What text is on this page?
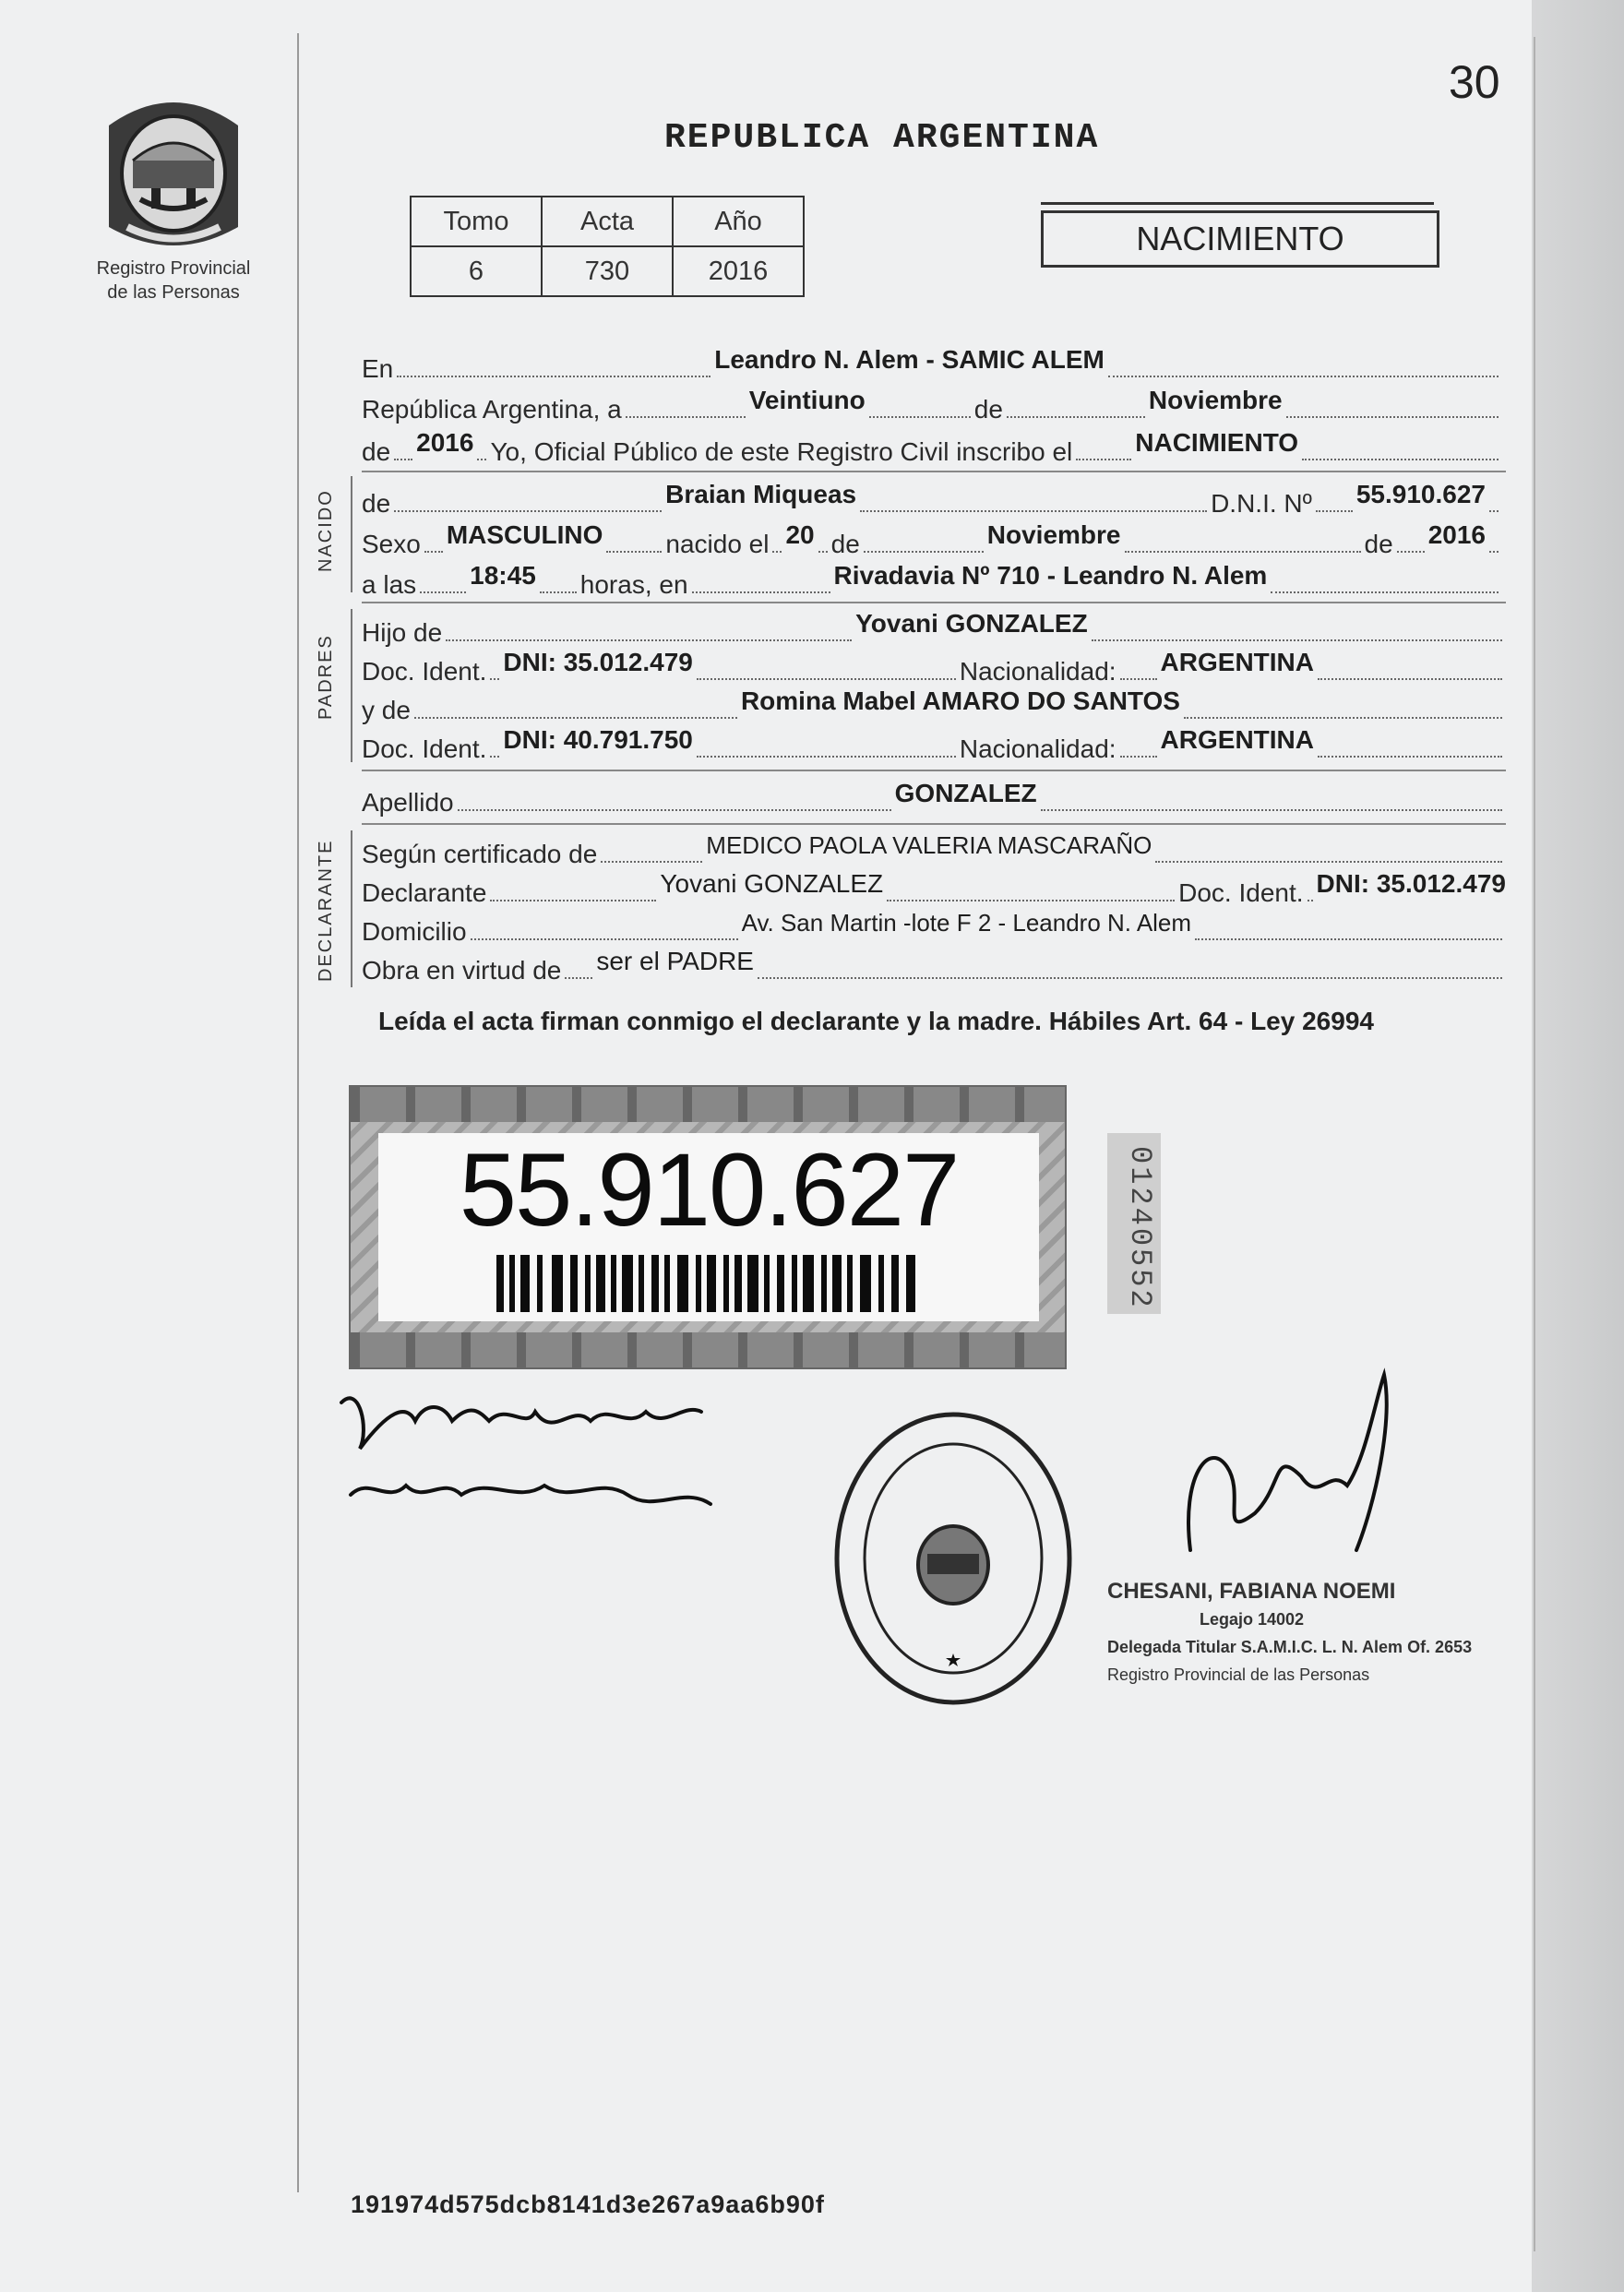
30
REPUBLICA ARGENTINA
Registro Provincial
de las Personas
Tomo	Acta	Año
6	730	2016
NACIMIENTO
En	Leandro N. Alem - SAMIC ALEM
República Argentina, a	Veintiuno	de	Noviembre
de 2016 Yo, Oficial Público de este Registro Civil inscribo el NACIMIENTO
NACIDO de	Braian Miqueas	D.N.I. Nº 55.910.627
Sexo MASCULINO nacido el 20 de	Noviembre	de 2016
a las 18:45 horas, en	Rivadavia Nº 710 - Leandro N. Alem
PADRES
Hijo de	Yovani GONZALEZ
Doc. Ident. DNI: 35.012.479	Nacionalidad: ARGENTINA
y de	Romina Mabel AMARO DO SANTOS
Doc. Ident. DNI: 40.791.750	Nacionalidad: ARGENTINA
Apellido	GONZALEZ
DECLARANTE Según certificado de	MEDICO PAOLA VALERIA MASCARAÑO
Declarante	Yovani GONZALEZ	Doc. Ident. DNI: 35.012.479
Domicilio	Av. San Martin -lote F 2 - Leandro N. Alem
Obra en virtud de ser el PADRE
Leída el acta firman conmigo el declarante y la madre. Hábiles Art. 64 - Ley 26994
55.910.627	01240552
CHESANI, FABIANA NOEMI
Legajo 14002
Delegada Titular S.A.M.I.C. L. N. Alem Of. 2653
Registro Provincial de las Personas
191974d575dcb8141d3e267a9aa6b90f
